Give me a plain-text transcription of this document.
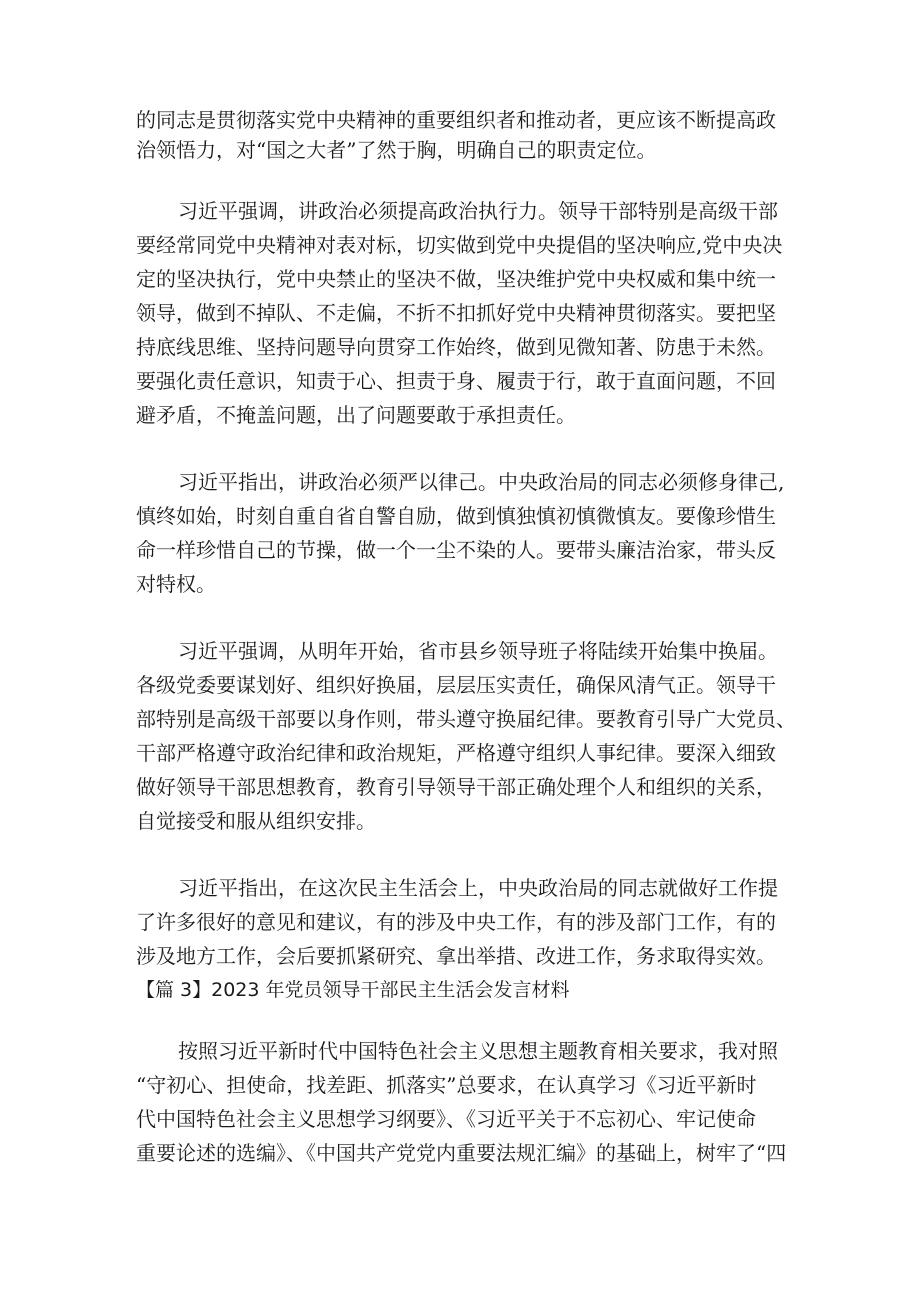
的同志是贯彻落实党中央精神的重要组织者和推动者，更应该不断提高政
治领悟力，对“国之大者”了然于胸，明确自己的职责定位。
习近平强调，讲政治必须提高政治执行力。领导干部特别是高级干部
要经常同党中央精神对表对标，切实做到党中央提倡的坚决响应,党中央决
定的坚决执行，党中央禁止的坚决不做，坚决维护党中央权威和集中统一
领导，做到不掉队、不走偏，不折不扣抓好党中央精神贯彻落实。要把坚
持底线思维、坚持问题导向贯穿工作始终，做到见微知著、防患于未然。
要强化责任意识，知责于心、担责于身、履责于行，敢于直面问题，不回
避矛盾，不掩盖问题，出了问题要敢于承担责任。
习近平指出，讲政治必须严以律己。中央政治局的同志必须修身律己,
慎终如始，时刻自重自省自警自励，做到慎独慎初慎微慎友。要像珍惜生
命一样珍惜自己的节操，做一个一尘不染的人。要带头廉洁治家，带头反
对特权。
习近平强调，从明年开始，省市县乡领导班子将陆续开始集中换届。
各级党委要谋划好、组织好换届，层层压实责任，确保风清气正。领导干
部特别是高级干部要以身作则，带头遵守换届纪律。要教育引导广大党员、
干部严格遵守政治纪律和政治规矩，严格遵守组织人事纪律。要深入细致
做好领导干部思想教育，教育引导领导干部正确处理个人和组织的关系，
自觉接受和服从组织安排。
习近平指出，在这次民主生活会上，中央政治局的同志就做好工作提
了许多很好的意见和建议，有的涉及中央工作，有的涉及部门工作，有的
涉及地方工作，会后要抓紧研究、拿出举措、改进工作，务求取得实效。
【篇 3】2023 年党员领导干部民主生活会发言材料
按照习近平新时代中国特色社会主义思想主题教育相关要求，我对照
“守初心、担使命，找差距、抓落实”总要求，在认真学习《习近平新时
代中国特色社会主义思想学习纲要》、《习近平关于不忘初心、牢记使命
重要论述的选编》、《中国共产党党内重要法规汇编》的基础上，树牢了“四
